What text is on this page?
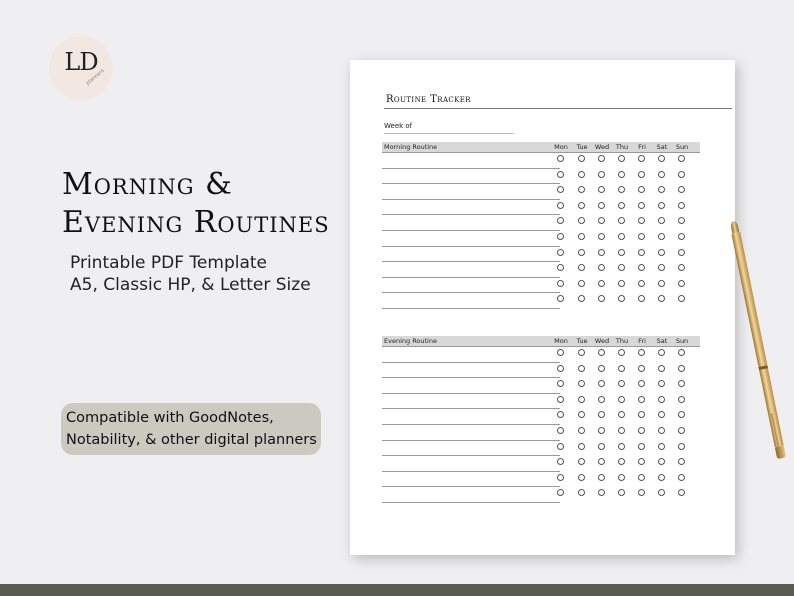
LD
planners
Morning &
Evening Routines
Printable PDF Template
A5, Classic HP, & Letter Size
Compatible with GoodNotes,
Notability, & other digital planners
Routine Tracker
Week of
Morning Routine	Mon	Tue	Wed	Thu	Fri	Sat	Sun
Evening Routine	Mon	Tue	Wed	Thu	Fri	Sat	Sun
